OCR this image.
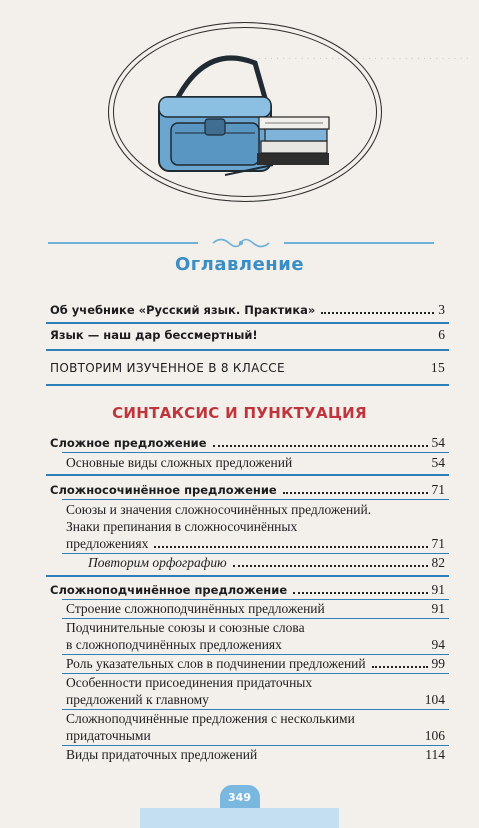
. . . . . . . . . . . . . . . . . . . . . . . . . . . . . . . . . . . . . . .
Оглавление
Об учебнике «Русский язык. Практика»	3
Язык — наш дар бессмертный!	6
ПОВТОРИМ ИЗУЧЕННОЕ В 8 КЛАССЕ	15
СИНТАКСИС И ПУНКТУАЦИЯ
Сложное предложение	54
Основные виды сложных предложений	54
Сложносочинённое предложение	71
Союзы и значения сложносочинённых предложений.
Знаки препинания в сложносочинённых
предложениях	71
Повторим орфографию	82
Сложноподчинённое предложение	91
Строение сложноподчинённых предложений	91
Подчинительные союзы и союзные слова
в сложноподчинённых предложениях	94
Роль указательных слов в подчинении предложений	99
Особенности присоединения придаточных
предложений к главному	104
Сложноподчинённые предложения с несколькими
придаточными	106
Виды придаточных предложений	114
349
